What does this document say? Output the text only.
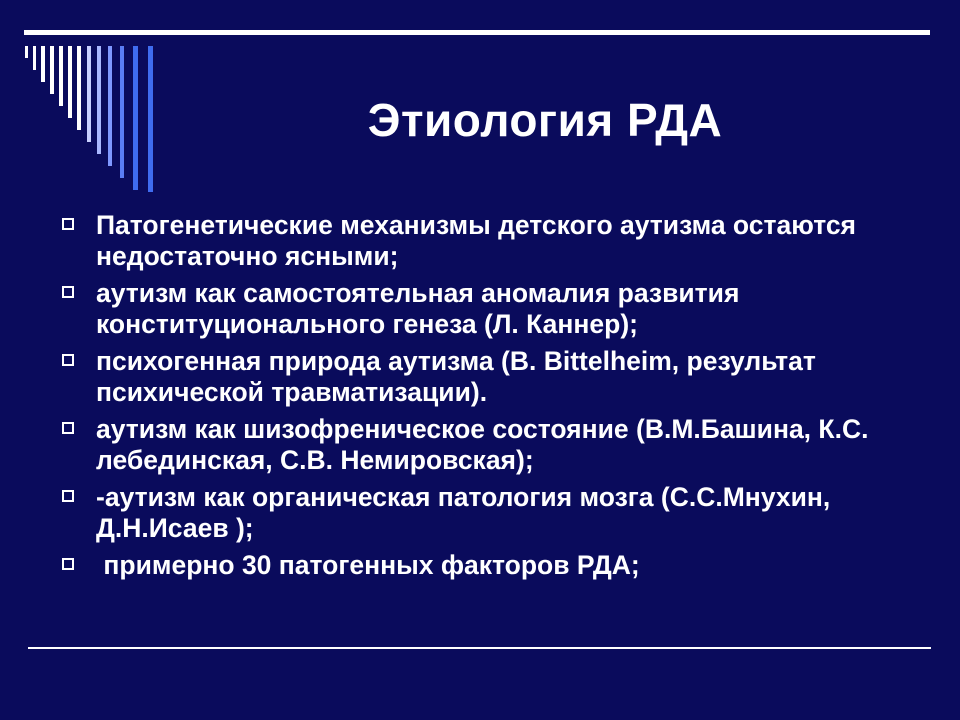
Этиология РДА
Патогенетические механизмы детского аутизма остаются недостаточно ясными;
аутизм как самостоятельная аномалия развития конституционального генеза (Л. Каннер);
психогенная природа аутизма (В. Bittelheim, результат психической травматизации).
аутизм как шизофреническое состояние (В.М.Башина, К.С. лебединская, С.В. Немировская);
-аутизм как органическая патология мозга (С.С.Мнухин, Д.Н.Исаев );
примерно 30 патогенных факторов РДА;
